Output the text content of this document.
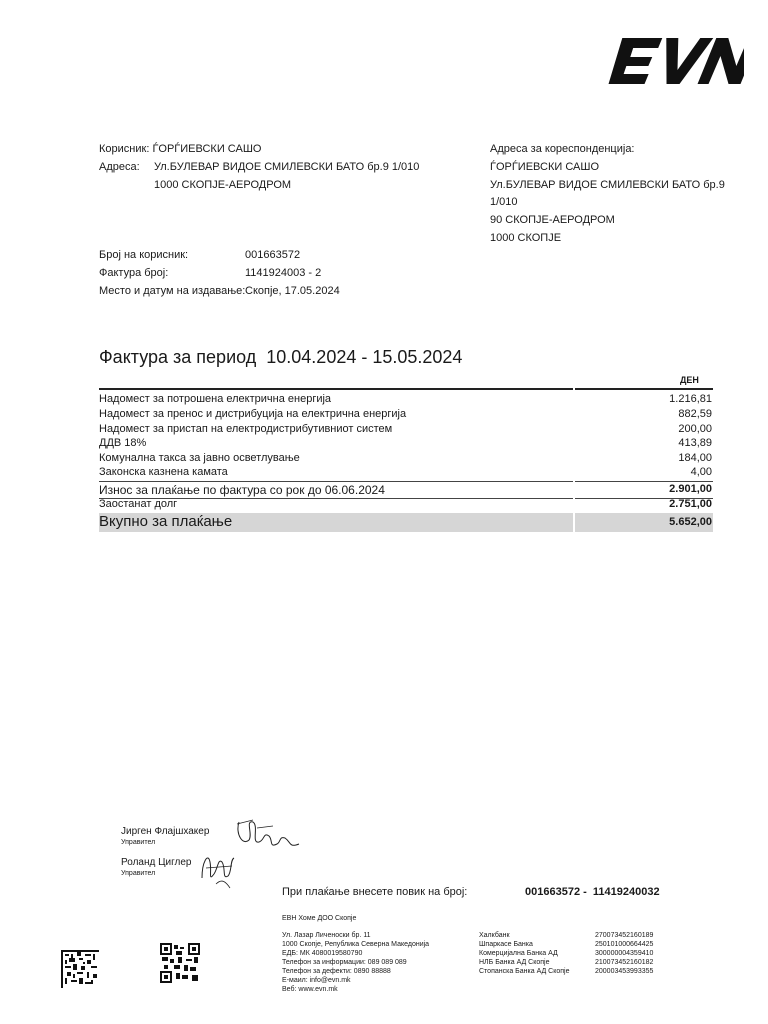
Корисник: ЃОРЃИЕВСКИ САШО
Адреса: Ул.БУЛЕВАР ВИДОЕ СМИЛЕВСКИ БАТО бр.9 1/010
1000 СКОПЈЕ-АЕРОДРОМ
Адреса за кореспонденција:
ЃОРЃИЕВСКИ САШО
Ул.БУЛЕВАР ВИДОЕ СМИЛЕВСКИ БАТО бр.9
1/010
90 СКОПЈЕ-АЕРОДРОМ
1000 СКОПЈЕ
Број на корисник:	001663572
Фактура број:	1141924003 - 2
Место и датум на издавање: Скопје, 17.05.2024
Фактура за период 10.04.2024 - 15.05.2024
ДЕН
Надомест за потрошена електрична енергија	1.216,81
Надомест за пренос и дистрибуција на електрична енергија	882,59
Надомест за пристап на електродистрибутивниот систем	200,00
ДДВ 18%	413,89
Комунална такса за јавно осветлување	184,00
Законска казнена камата	4,00
Износ за плаќање по фактура со рок до 06.06.2024	2.901,00
Заостанат долг	2.751,00
Вкупно за плаќање	5.652,00
Јирген Флајшхакер
Управител
Роланд Циглер
Управител
При плаќање внесете повик на број:	001663572 -  11419240032
ЕВН Хоме ДОО Скопје
Ул. Лазар Личеноски бр. 11
1000 Скопје, Република Северна Македонија
ЕДБ: МК 4080019580790
Телефон за информации: 089 089 089
Телефон за дефекти: 0890 88888
E-маил: info@evn.mk
Веб: www.evn.mk
Халкбанк	270073452160189
Шпаркасе Банка	250101000664425
Комерцијална Банка АД	300000004359410
НЛБ Банка АД Скопје	210073452160182
Стопанска Банка АД Скопје	200003453993355
